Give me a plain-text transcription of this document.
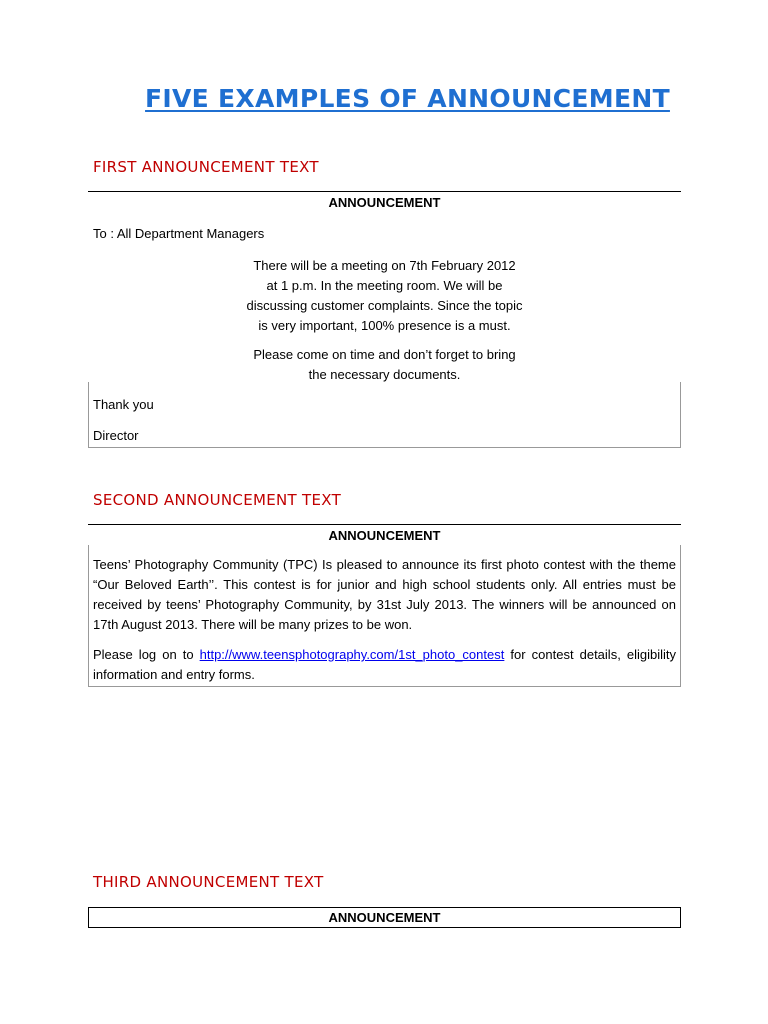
FIVE EXAMPLES OF ANNOUNCEMENT
FIRST ANNOUNCEMENT TEXT
ANNOUNCEMENT
To : All Department Managers
There will be a meeting on 7th February 2012
at 1 p.m. In the meeting room. We will be
discussing customer complaints. Since the topic
is very important, 100% presence is a must.
Please come on time and don’t forget to bring
the necessary documents.
Thank you
Director
SECOND ANNOUNCEMENT TEXT
ANNOUNCEMENT
Teens’ Photography Community (TPC) Is pleased to announce its first photo contest with the theme “Our Beloved Earth’’. This contest is for junior and high school students only. All entries must be received by teens’ Photography Community, by 31st July 2013. The winners will be announced on 17th August 2013. There will be many prizes to be won.
Please log on to http://www.teensphotography.com/1st_photo_contest for contest details, eligibility information and entry forms.
THIRD ANNOUNCEMENT TEXT
ANNOUNCEMENT
